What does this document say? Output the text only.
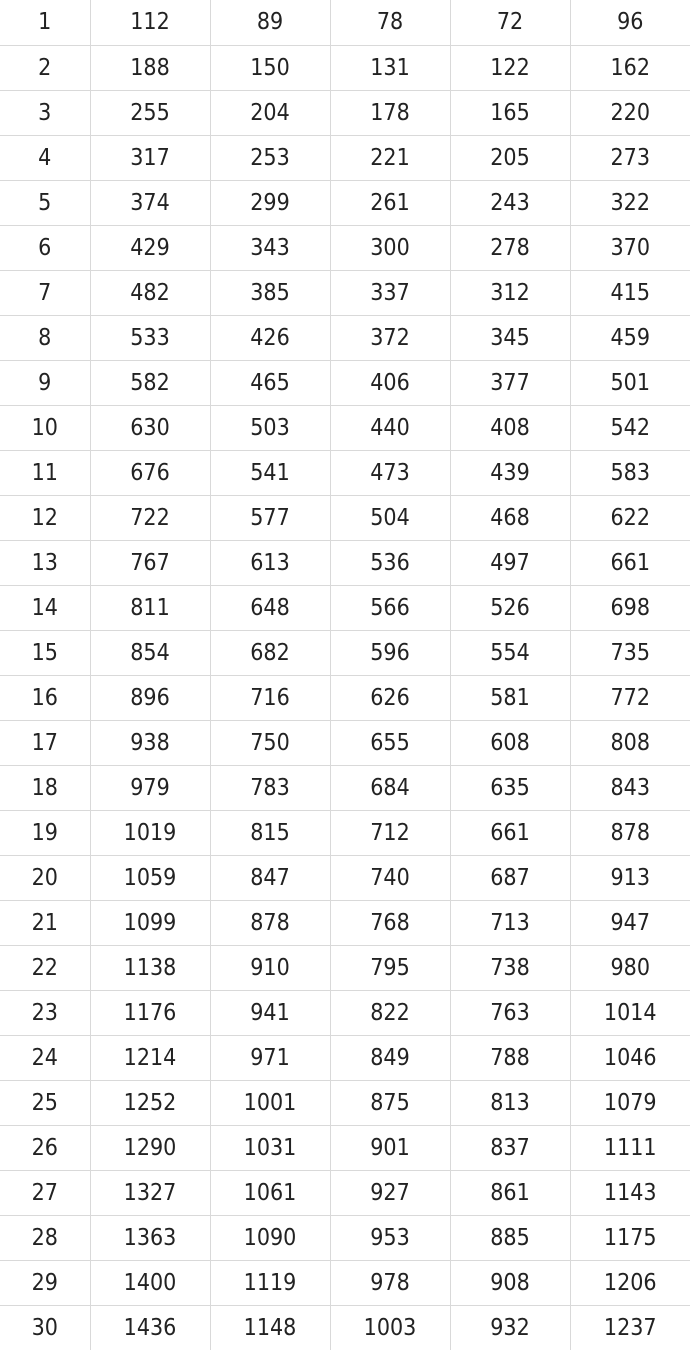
1	112	89	78	72	96
2	188	150	131	122	162
3	255	204	178	165	220
4	317	253	221	205	273
5	374	299	261	243	322
6	429	343	300	278	370
7	482	385	337	312	415
8	533	426	372	345	459
9	582	465	406	377	501
10	630	503	440	408	542
11	676	541	473	439	583
12	722	577	504	468	622
13	767	613	536	497	661
14	811	648	566	526	698
15	854	682	596	554	735
16	896	716	626	581	772
17	938	750	655	608	808
18	979	783	684	635	843
19	1019	815	712	661	878
20	1059	847	740	687	913
21	1099	878	768	713	947
22	1138	910	795	738	980
23	1176	941	822	763	1014
24	1214	971	849	788	1046
25	1252	1001	875	813	1079
26	1290	1031	901	837	1111
27	1327	1061	927	861	1143
28	1363	1090	953	885	1175
29	1400	1119	978	908	1206
30	1436	1148	1003	932	1237
